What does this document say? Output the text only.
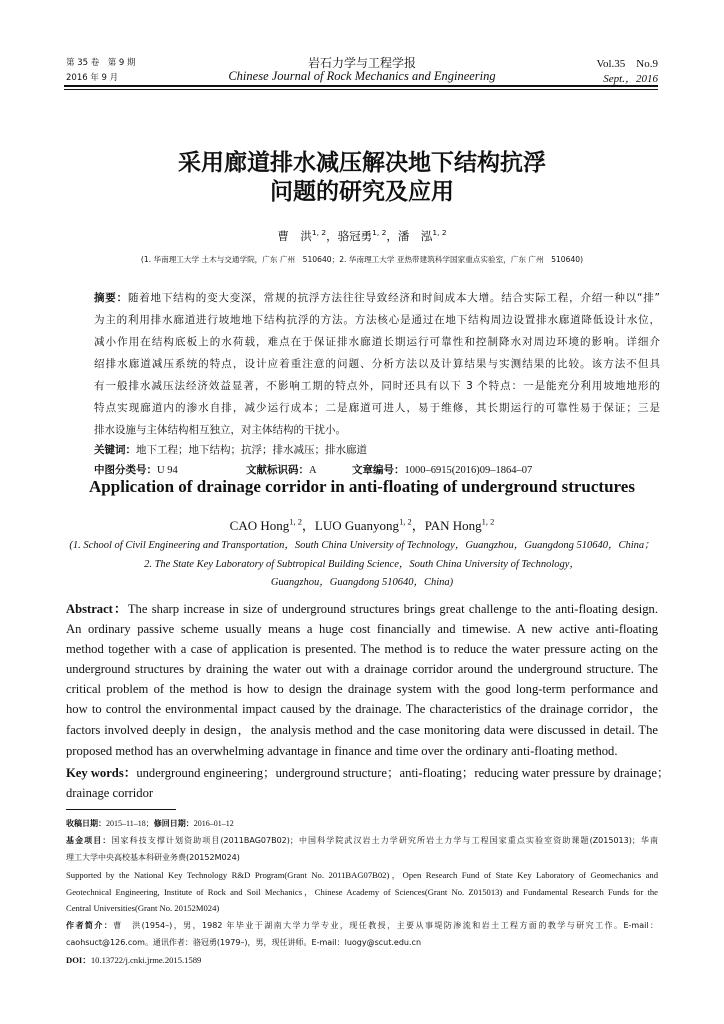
第 35 卷　第 9 期
2016 年 9 月
岩石力学与工程学报
Chinese Journal of Rock Mechanics and Engineering
Vol.35　No.9
Sept.，2016
采用廊道排水减压解决地下结构抗浮
问题的研究及应用
曹　洪$^{1, 2}$，骆冠勇$^{1, 2}$，潘　泓$^{1, 2}$
(1. 华南理工大学 土木与交通学院，广东 广州　510640；2. 华南理工大学 亚热带建筑科学国家重点实验室，广东 广州　510640)
摘要：随着地下结构的变大变深，常规的抗浮方法往往导致经济和时间成本大增。结合实际工程，介绍一种以“排”
为主的利用排水廊道进行坡地地下结构抗浮的方法。方法核心是通过在地下结构周边设置排水廊道降低设计水位，
减小作用在结构底板上的水荷载，难点在于保证排水廊道长期运行可靠性和控制降水对周边环境的影响。详细介
绍排水廊道减压系统的特点，设计应着重注意的问题、分析方法以及计算结果与实测结果的比较。该方法不但具
有一般排水减压法经济效益显著，不影响工期的特点外，同时还具有以下 3 个特点：一是能充分利用坡地地形的
特点实现廊道内的渗水自排，减少运行成本；二是廊道可进人，易于维修，其长期运行的可靠性易于保证；三是
排水设施与主体结构相互独立，对主体结构的干扰小。
关键词：地下工程；地下结构；抗浮；排水减压；排水廊道
中图分类号：U 94	文献标识码：A	文章编号：1000–6915(2016)09–1864–07
Application of drainage corridor in anti-floating of underground structures
CAO Hong$^{1, 2}$，LUO Guanyong$^{1, 2}$，PAN Hong$^{1, 2}$
(1. School of Civil Engineering and Transportation，South China University of Technology，Guangzhou，Guangdong 510640，China；
2. The State Key Laboratory of Subtropical Building Science，South China University of Technology，
Guangzhou，Guangdong 510640，China)
Abstract：The sharp increase in size of underground structures brings great challenge to the anti-floating design.
An ordinary passive scheme usually means a huge cost financially and timewise. A new active anti-floating
method together with a case of application is presented. The method is to reduce the water pressure acting on the
underground structures by draining the water out with a drainage corridor around the underground structure. The
critical problem of the method is how to design the drainage system with the good long-term performance and
how to control the environmental impact caused by the drainage. The characteristics of the drainage corridor，the
factors involved deeply in design，the analysis method and the case monitoring data were discussed in detail. The
proposed method has an overwhelming advantage in finance and time over the ordinary anti-floating method.
Key words：underground engineering；underground structure；anti-floating；reducing water pressure by drainage；
drainage corridor
收稿日期：2015–11–18；修回日期：2016–01–12
基金项目：国家科技支撑计划资助项目(2011BAG07B02)；中国科学院武汉岩土力学研究所岩土力学与工程国家重点实验室资助课题(Z015013)；华南
理工大学中央高校基本科研业务费(20152M024)
Supported by the National Key Technology R&D Program(Grant No. 2011BAG07B02)，Open Research Fund of State Key Laboratory of Geomechanics and
Geotechnical Engineering, Institute of Rock and Soil Mechanics，Chinese Academy of Sciences(Grant No. Z015013) and Fundamental Research Funds for the
Central Universities(Grant No. 20152M024)
作者简介：曹　洪(1954–)，男，1982 年毕业于湖南大学力学专业，现任教授，主要从事堤防渗流和岩土工程方面的教学与研究工作。E-mail：
caohsuct@126.com。通讯作者：骆冠勇(1979–)，男，现任讲师。E-mail：luogy@scut.edu.cn
DOI：10.13722/j.cnki.jrme.2015.1589
